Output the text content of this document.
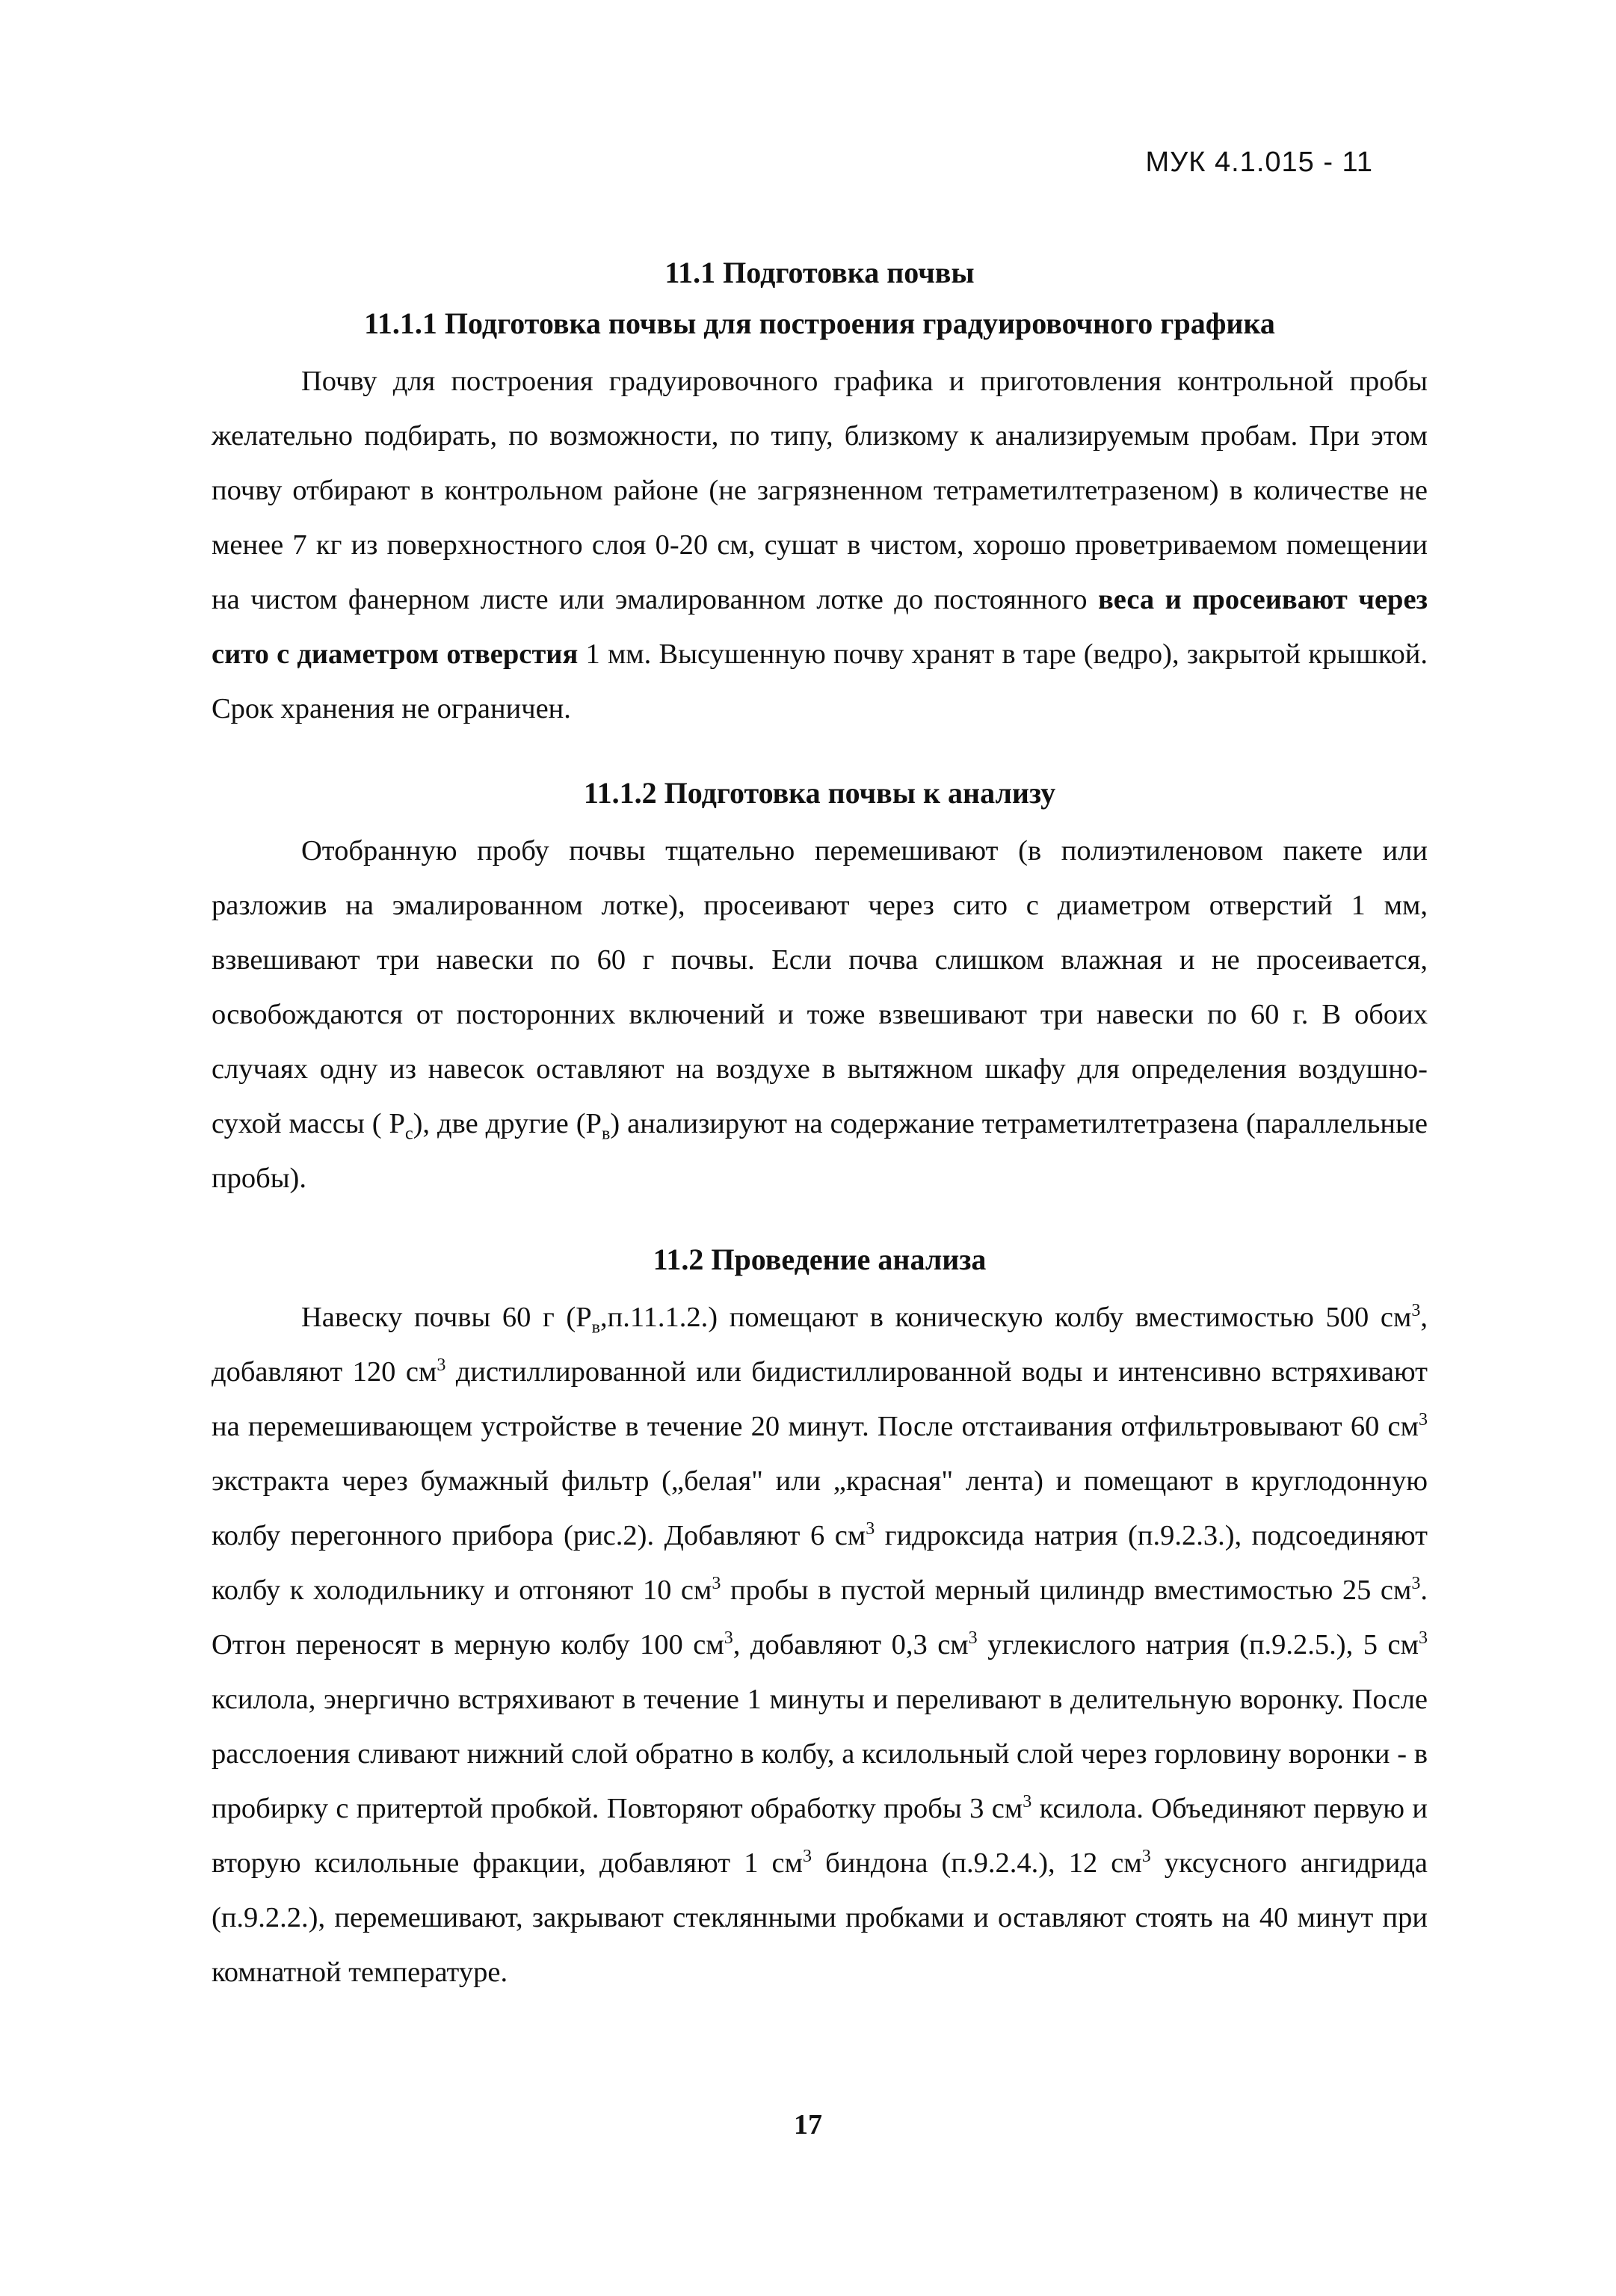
МУК 4.1.015 - 11

11.1 Подготовка почвы

11.1.1 Подготовка почвы для построения градуировочного графика

Почву для построения градуировочного графика и приготовления контрольной пробы желательно подбирать, по возможности, по типу, близкому к анализируемым пробам. При этом почву отбирают в контрольном районе (не загрязненном тетраметилтетразеном) в количестве не менее 7 кг из поверхностного слоя 0-20 см, сушат в чистом, хорошо проветриваемом помещении на чистом фанерном листе или эмалированном лотке до постоянного веса и просеивают через сито с диаметром отверстия 1 мм. Высушенную почву хранят в таре (ведро), закрытой крышкой. Срок хранения не ограничен.

11.1.2 Подготовка почвы к анализу

Отобранную пробу почвы тщательно перемешивают (в полиэтиленовом пакете или разложив на эмалированном лотке), просеивают через сито с диаметром отверстий 1 мм, взвешивают три навески по 60 г почвы. Если почва слишком влажная и не просеивается, освобождаются от посторонних включений и тоже взвешивают три навески по 60 г. В обоих случаях одну из навесок оставляют на воздухе в вытяжном шкафу для определения воздушно-сухой массы ( $P_c$), две другие $(P_в)$ анализируют на содержание тетраметилтетразена (параллельные пробы).

11.2 Проведение анализа

Навеску почвы 60 г $(P_в,п.11.1.2.)$ помещают в коническую колбу вместимостью 500 $см^3$, добавляют 120 $см^3$ дистиллированной или бидистиллированной воды и интенсивно встряхивают на перемешивающем устройстве в течение 20 минут. После отстаивания отфильтровывают 60 $см^3$ экстракта через бумажный фильтр („белая" или „красная" лента) и помещают в круглодонную колбу перегонного прибора (рис.2). Добавляют 6 $см^3$ гидроксида натрия (п.9.2.3.), подсоединяют колбу к холодильнику и отгоняют 10 $см^3$ пробы в пустой мерный цилиндр вместимостью 25 $см^3$. Отгон переносят в мерную колбу 100 $см^3$, добавляют 0,3 $см^3$ углекислого натрия (п.9.2.5.), 5 $см^3$ ксилола, энергично встряхивают в течение 1 минуты и переливают в делительную воронку. После расслоения сливают нижний слой обратно в колбу, а ксилольный слой через горловину воронки - в пробирку с притертой пробкой. Повторяют обработку пробы 3 $см^3$ ксилола. Объединяют первую и вторую ксилольные фракции, добавляют 1 $см^3$ биндона (п.9.2.4.), 12 $см^3$ уксусного ангидрида (п.9.2.2.), перемешивают, закрывают стеклянными пробками и оставляют стоять на 40 минут при комнатной температуре.

17
